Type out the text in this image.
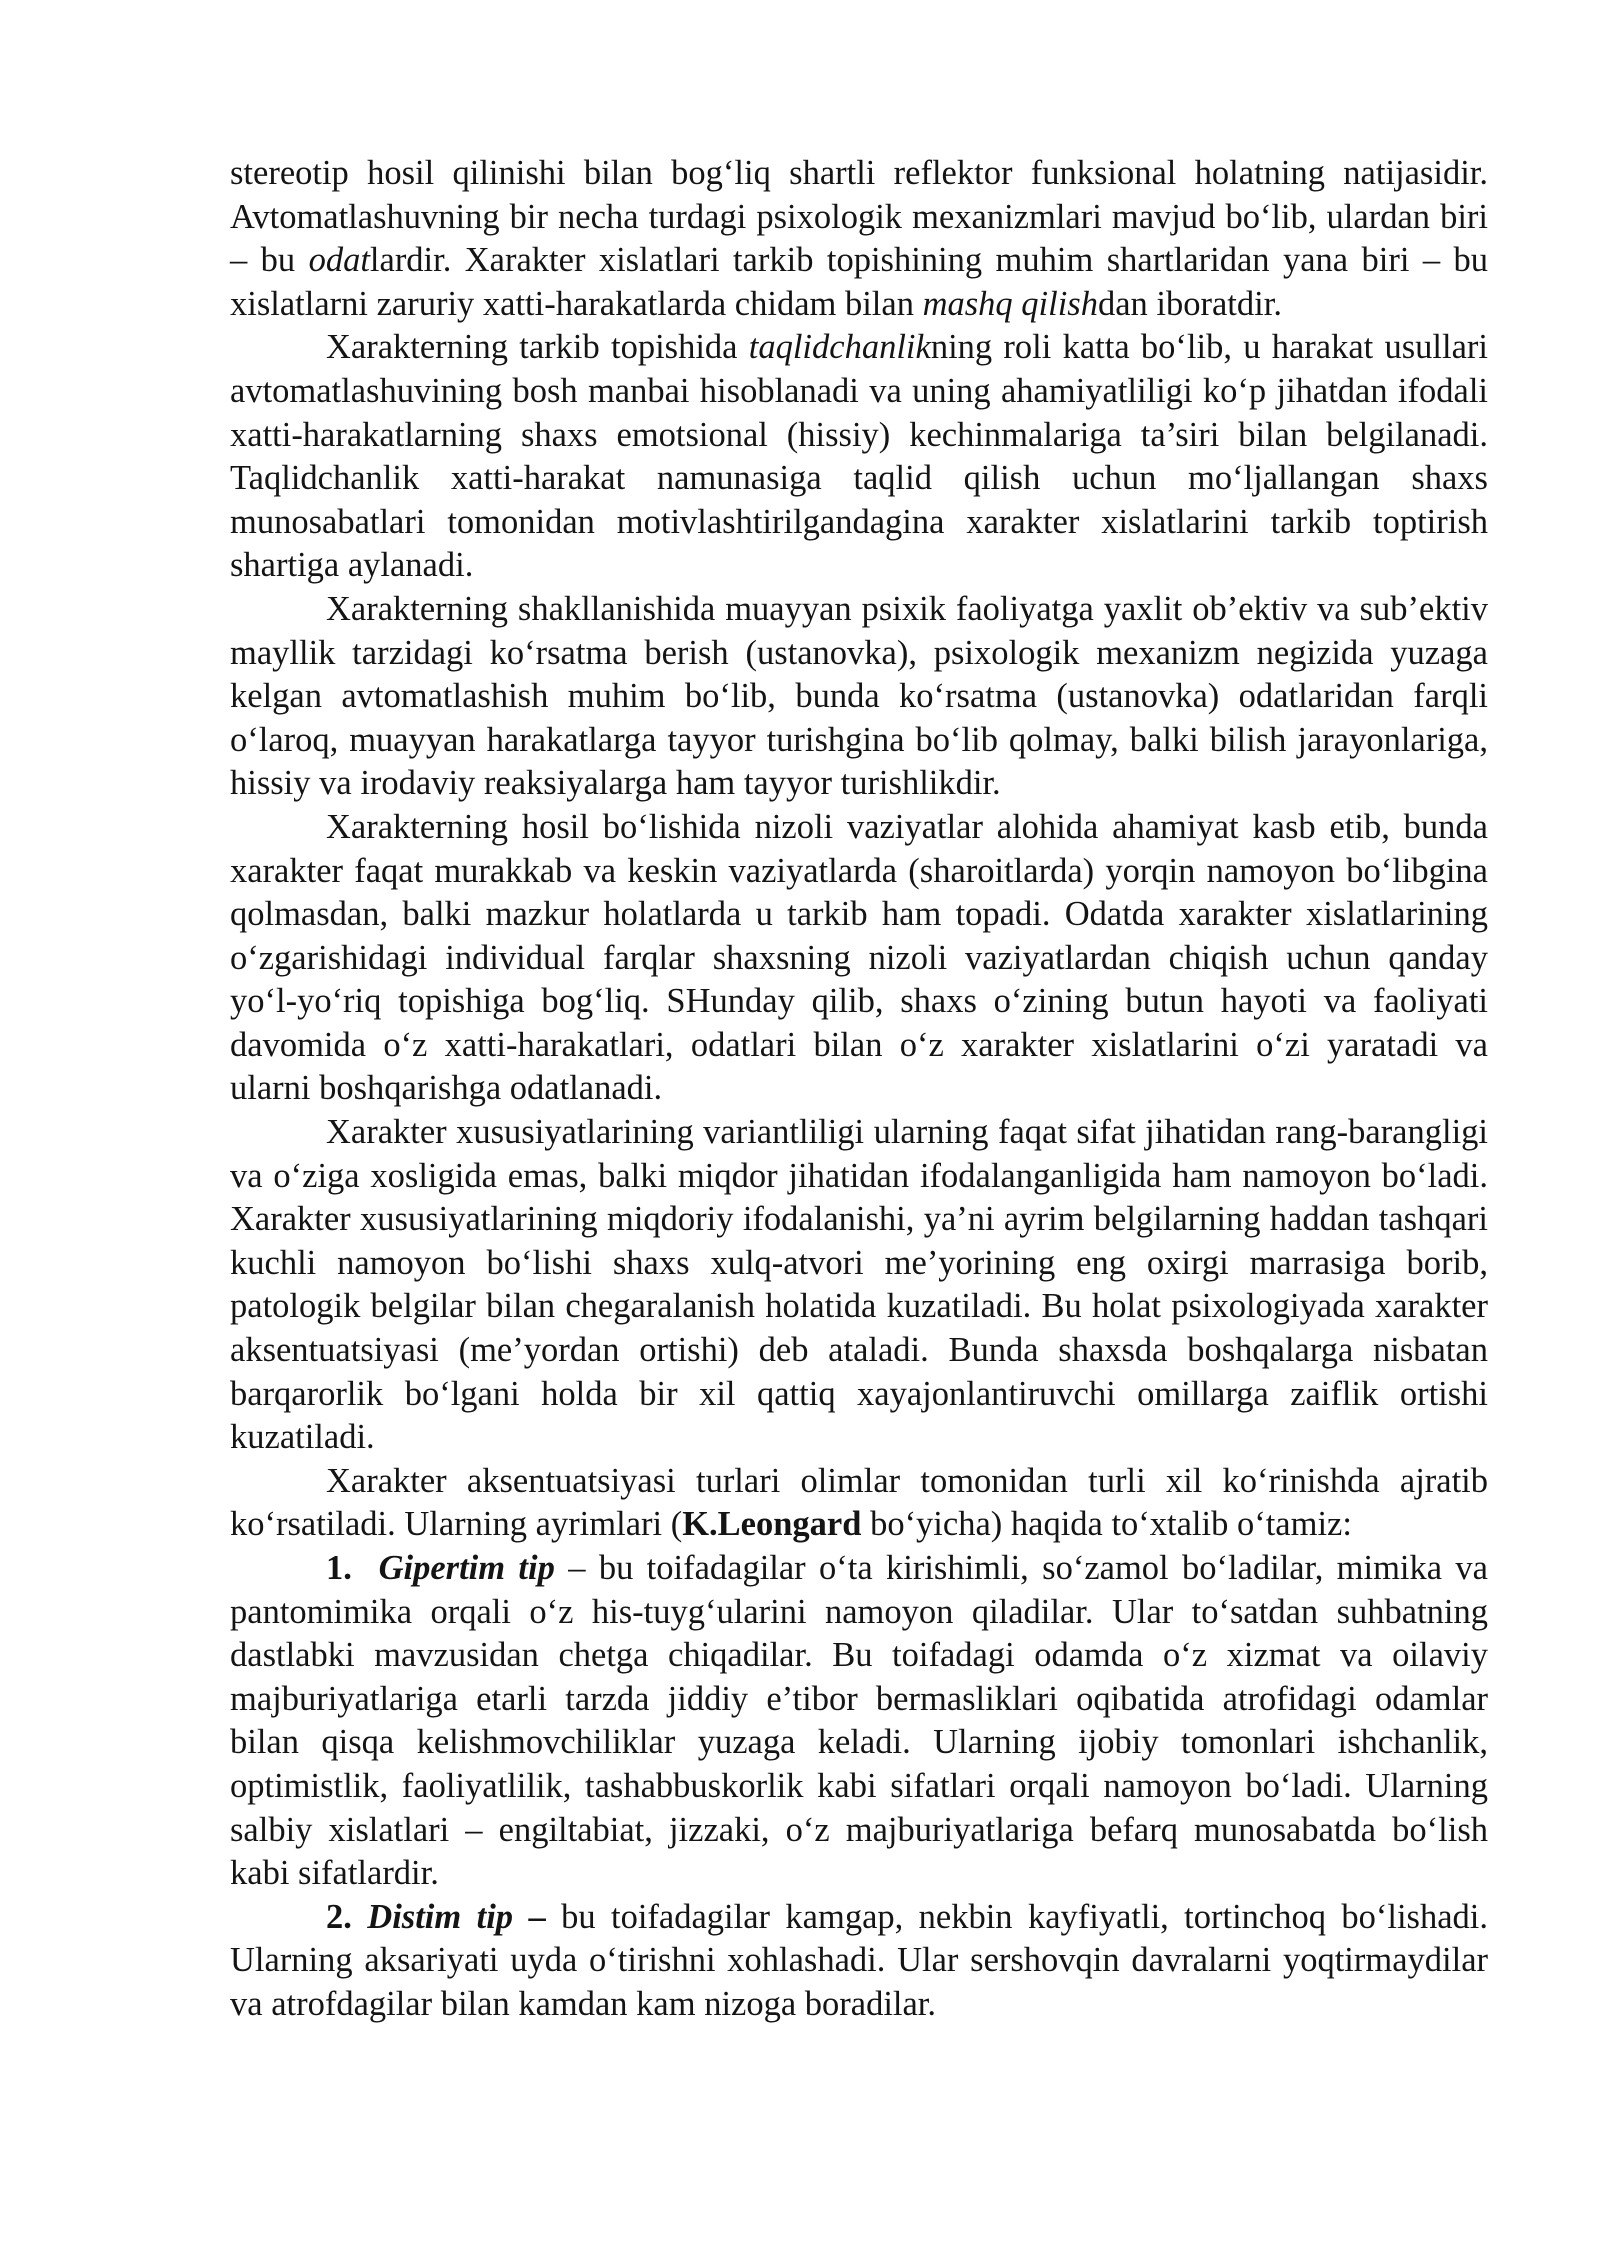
stereotip hosil qilinishi bilan bog‘liq shartli reflektor funksional holatning natijasidir. Avtomatlashuvning bir necha turdagi psixologik mexanizmlari mavjud bo‘lib, ulardan biri – bu odatlardir. Xarakter xislatlari tarkib topishining muhim shartlaridan yana biri – bu xislatlarni zaruriy xatti-harakatlarda chidam bilan mashq qilishdan iboratdir.

Xarakterning tarkib topishida taqlidchanlikning roli katta bo‘lib, u harakat usullari avtomatlashuvining bosh manbai hisoblanadi va uning ahamiyatliligi ko‘p jihatdan ifodali xatti-harakatlarning shaxs emotsional (hissiy) kechinmalariga ta’siri bilan belgilanadi. Taqlidchanlik xatti-harakat namunasiga taqlid qilish uchun mo‘ljallangan shaxs munosabatlari tomonidan motivlashtirilgandagina xarakter xislatlarini tarkib toptirish shartiga aylanadi.

Xarakterning shakllanishida muayyan psixik faoliyatga yaxlit ob’ektiv va sub’ektiv mayllik tarzidagi ko‘rsatma berish (ustanovka), psixologik mexanizm negizida yuzaga kelgan avtomatlashish muhim bo‘lib, bunda ko‘rsatma (ustanovka) odatlaridan farqli o‘laroq, muayyan harakatlarga tayyor turishgina bo‘lib qolmay, balki bilish jarayonlariga, hissiy va irodaviy reaksiyalarga ham tayyor turishlikdir.

Xarakterning hosil bo‘lishida nizoli vaziyatlar alohida ahamiyat kasb etib, bunda xarakter faqat murakkab va keskin vaziyatlarda (sharoitlarda) yorqin namoyon bo‘libgina qolmasdan, balki mazkur holatlarda u tarkib ham topadi. Odatda xarakter xislatlarining o‘zgarishidagi individual farqlar shaxsning nizoli vaziyatlardan chiqish uchun qanday yo‘l-yo‘riq topishiga bog‘liq. SHunday qilib, shaxs o‘zining butun hayoti va faoliyati davomida o‘z xatti-harakatlari, odatlari bilan o‘z xarakter xislatlarini o‘zi yaratadi va ularni boshqarishga odatlanadi.

Xarakter xususiyatlarining variantliligi ularning faqat sifat jihatidan rang-barangligi va o‘ziga xosligida emas, balki miqdor jihatidan ifodalanganligida ham namoyon bo‘ladi. Xarakter xususiyatlarining miqdoriy ifodalanishi, ya’ni ayrim belgilarning haddan tashqari kuchli namoyon bo‘lishi shaxs xulq-atvori me’yorining eng oxirgi marrasiga borib, patologik belgilar bilan chegaralanish holatida kuzatiladi. Bu holat psixologiyada xarakter aksentuatsiyasi (me’yordan ortishi) deb ataladi. Bunda shaxsda boshqalarga nisbatan barqarorlik bo‘lgani holda bir xil qattiq xayajonlantiruvchi omillarga zaiflik ortishi kuzatiladi.

Xarakter aksentuatsiyasi turlari olimlar tomonidan turli xil ko‘rinishda ajratib ko‘rsatiladi. Ularning ayrimlari (K.Leongard bo‘yicha) haqida to‘xtalib o‘tamiz:

1.  Gipertim tip – bu toifadagilar o‘ta kirishimli, so‘zamol bo‘ladilar, mimika va pantomimika orqali o‘z his-tuyg‘ularini namoyon qiladilar. Ular to‘satdan suhbatning dastlabki mavzusidan chetga chiqadilar. Bu toifadagi odamda o‘z xizmat va oilaviy majburiyatlariga etarli tarzda jiddiy e’tibor bermasliklari oqibatida atrofidagi odamlar bilan qisqa kelishmovchiliklar yuzaga keladi. Ularning ijobiy tomonlari ishchanlik, optimistlik, faoliyatlilik, tashabbuskorlik kabi sifatlari orqali namoyon bo‘ladi. Ularning salbiy xislatlari – engiltabiat, jizzaki, o‘z majburiyatlariga befarq munosabatda bo‘lish kabi sifatlardir.

2. Distim tip – bu toifadagilar kamgap, nekbin kayfiyatli, tortinchoq bo‘lishadi. Ularning aksariyati uyda o‘tirishni xohlashadi. Ular sershovqin davralarni yoqtirmaydilar va atrofdagilar bilan kamdan kam nizoga boradilar.
